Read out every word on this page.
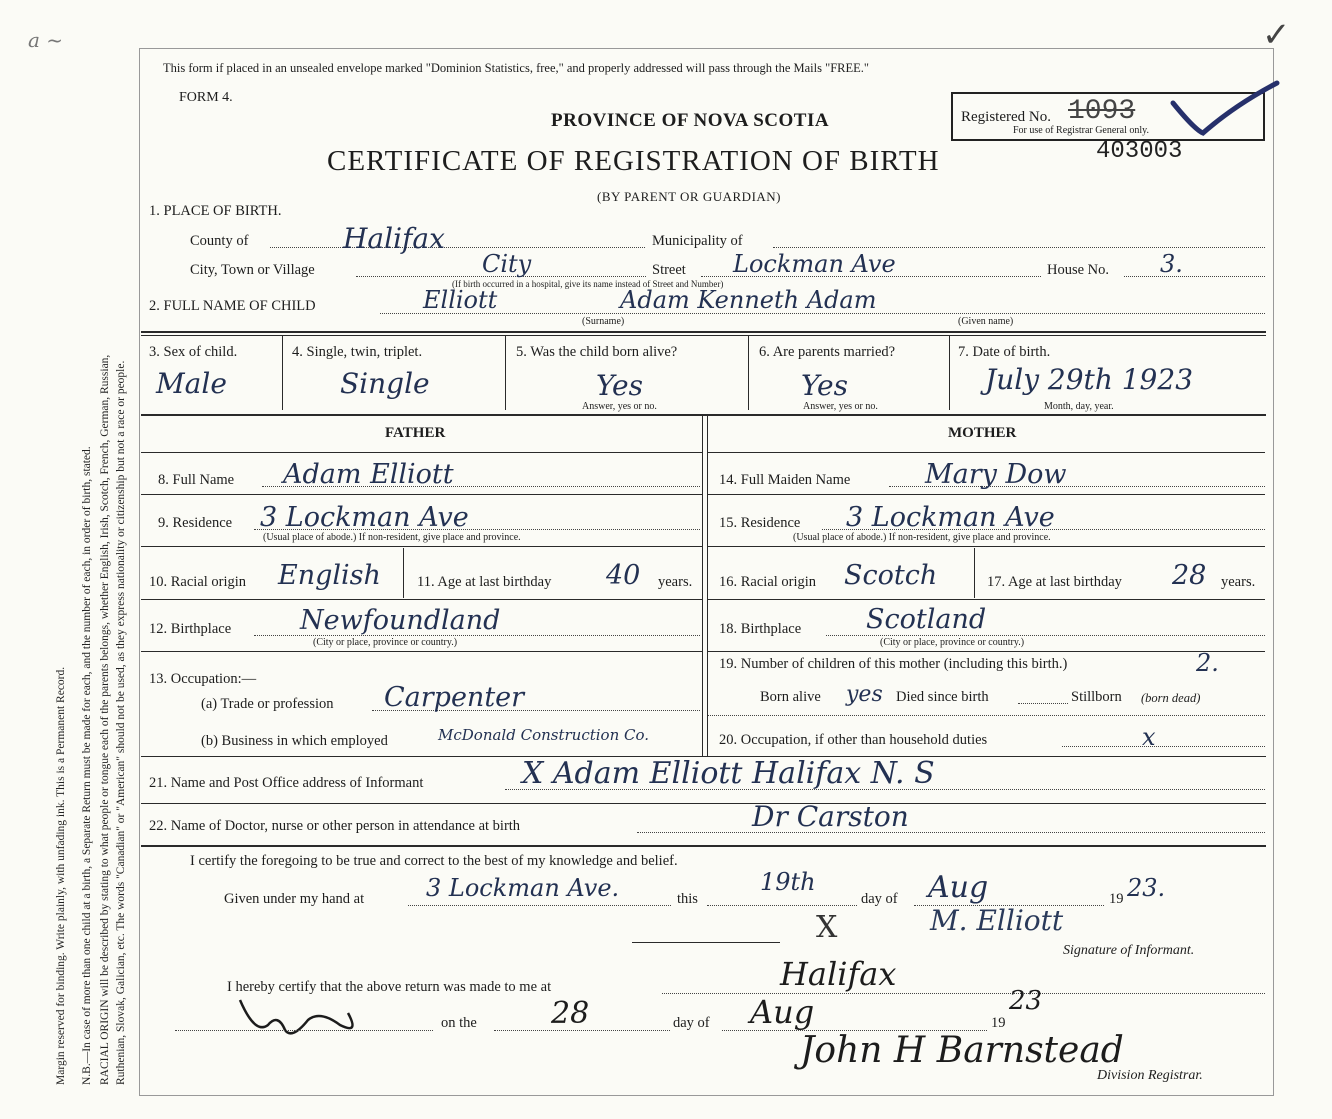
a ~	✓
Margin reserved for binding. Write plainly, with unfading ink. This is a Permanent Record. N.B.—In case of more than one child at a birth, a Separate Return must be made for each, and the number of each, in order of birth, stated. RACIAL ORIGIN will be described by stating to what people or tongue each of the parents belongs, whether English, Irish, Scotch, French, German, Russian, Ruthenian, Slovak, Galician, etc. The words "Canadian" or "American" should not be used, as they express nationality or citizenship but not a race or people.
This form if placed in an unsealed envelope marked "Dominion Statistics, free," and properly addressed will pass through the Mails "FREE."
FORM 4.
PROVINCE OF NOVA SCOTIA	Registered No. 1093
For use of Registrar General only.
CERTIFICATE OF REGISTRATION OF BIRTH	403003
(BY PARENT OR GUARDIAN)
1. PLACE OF BIRTH.
County of	Halifax	Municipality of
City, Town or Village	City
(If birth occurred in a hospital, give its name instead of Street and Number)
Street Lockman Ave	House No. 3.
2. FULL NAME OF CHILD	Elliott	Adam Kenneth Adam
(Surname)	(Given name)
3. Sex of child.
Male
4. Single, twin, triplet.
Single
5. Was the child born alive?
Yes
Answer, yes or no.
6. Are parents married?
Yes
Answer, yes or no.
7. Date of birth.
July 29th 1923
Month, day, year.
FATHER
8. Full Name Adam Elliott
9. Residence 3 Lockman Ave
(Usual place of abode.) If non-resident, give place and province.
10. Racial origin English 11. Age at last birthday 40 years.
12. Birthplace	Newfoundland
(City or place, province or country.)
13. Occupation:—
(a) Trade or profession Carpenter
(b) Business in which employed	McDonald Construction Co.
MOTHER
14. Full Maiden Name	Mary Dow
15. Residence 3 Lockman Ave
(Usual place of abode.) If non-resident, give place and province.
16. Racial origin Scotch	17. Age at last birthday 28 years.
18. Birthplace Scotland
(City or place, province or country.)
19. Number of children of this mother (including this birth.)	2.
Born alive yes Died since birth	Stillborn (born dead)
20. Occupation, if other than household duties	x
21. Name and Post Office address of Informant	X Adam Elliott Halifax N. S
22. Name of Doctor, nurse or other person in attendance at birth	Dr Carston
I certify the foregoing to be true and correct to the best of my knowledge and belief.
Given under my hand at	3 Lockman Ave.	this
19th
day of Aug	19 23.
X	M. Elliott
Signature of Informant.
I hereby certify that the above return was made to me at	Halifax
on the 28	day of Aug	19
23
John H Barnstead
Division Registrar.
